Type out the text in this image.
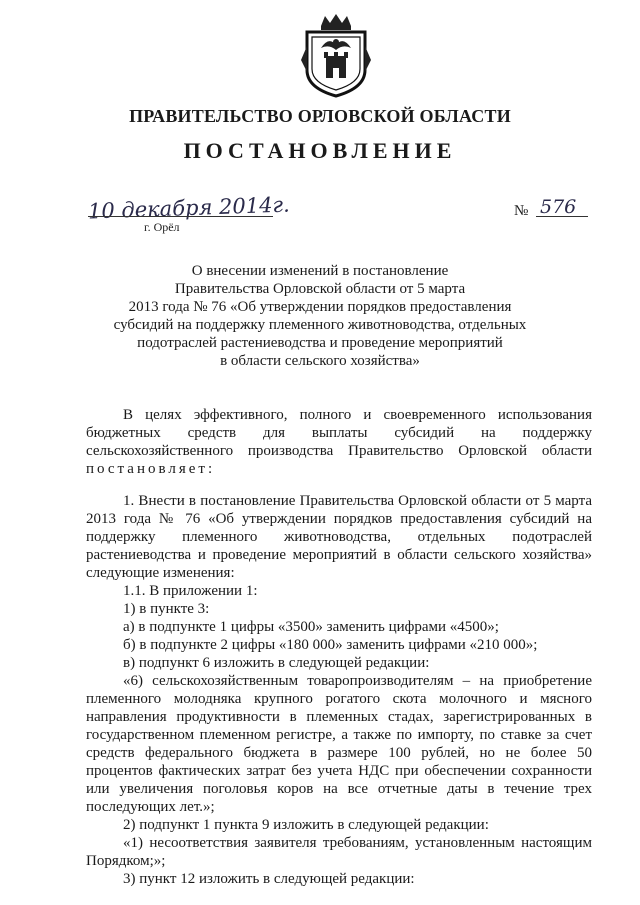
ПРАВИТЕЛЬСТВО ОРЛОВСКОЙ ОБЛАСТИ
ПОСТАНОВЛЕНИЕ
10 декабря 2014г.
г. Орёл
№ 576
О внесении изменений в постановление
Правительства Орловской области от 5 марта
2013 года № 76 «Об утверждении порядков предоставления
субсидий на поддержку племенного животноводства, отдельных
подотраслей растениеводства и проведение мероприятий
в области сельского хозяйства»

В целях эффективного, полного и своевременного использования бюджетных средств для выплаты субсидий на поддержку сельскохозяйственного производства Правительство Орловской области постановляет:

1. Внести в постановление Правительства Орловской области от 5 марта 2013 года № 76 «Об утверждении порядков предоставления субсидий на поддержку племенного животноводства, отдельных подотраслей растениеводства и проведение мероприятий в области сельского хозяйства» следующие изменения:

1.1. В приложении 1:

1) в пункте 3:

а) в подпункте 1 цифры «3500» заменить цифрами «4500»;

б) в подпункте 2 цифры «180 000» заменить цифрами «210 000»;

в) подпункт 6 изложить в следующей редакции:

«6) сельскохозяйственным товаропроизводителям – на приобретение племенного молодняка крупного рогатого скота молочного и мясного направления продуктивности в племенных стадах, зарегистрированных в государственном племенном регистре, а также по импорту, по ставке за счет средств федерального бюджета в размере 100 рублей, но не более 50 процентов фактических затрат без учета НДС при обеспечении сохранности или увеличения поголовья коров на все отчетные даты в течение трех последующих лет.»;

2) подпункт 1 пункта 9 изложить в следующей редакции:

«1) несоответствия заявителя требованиям, установленным настоящим Порядком;»;

3) пункт 12 изложить в следующей редакции:
